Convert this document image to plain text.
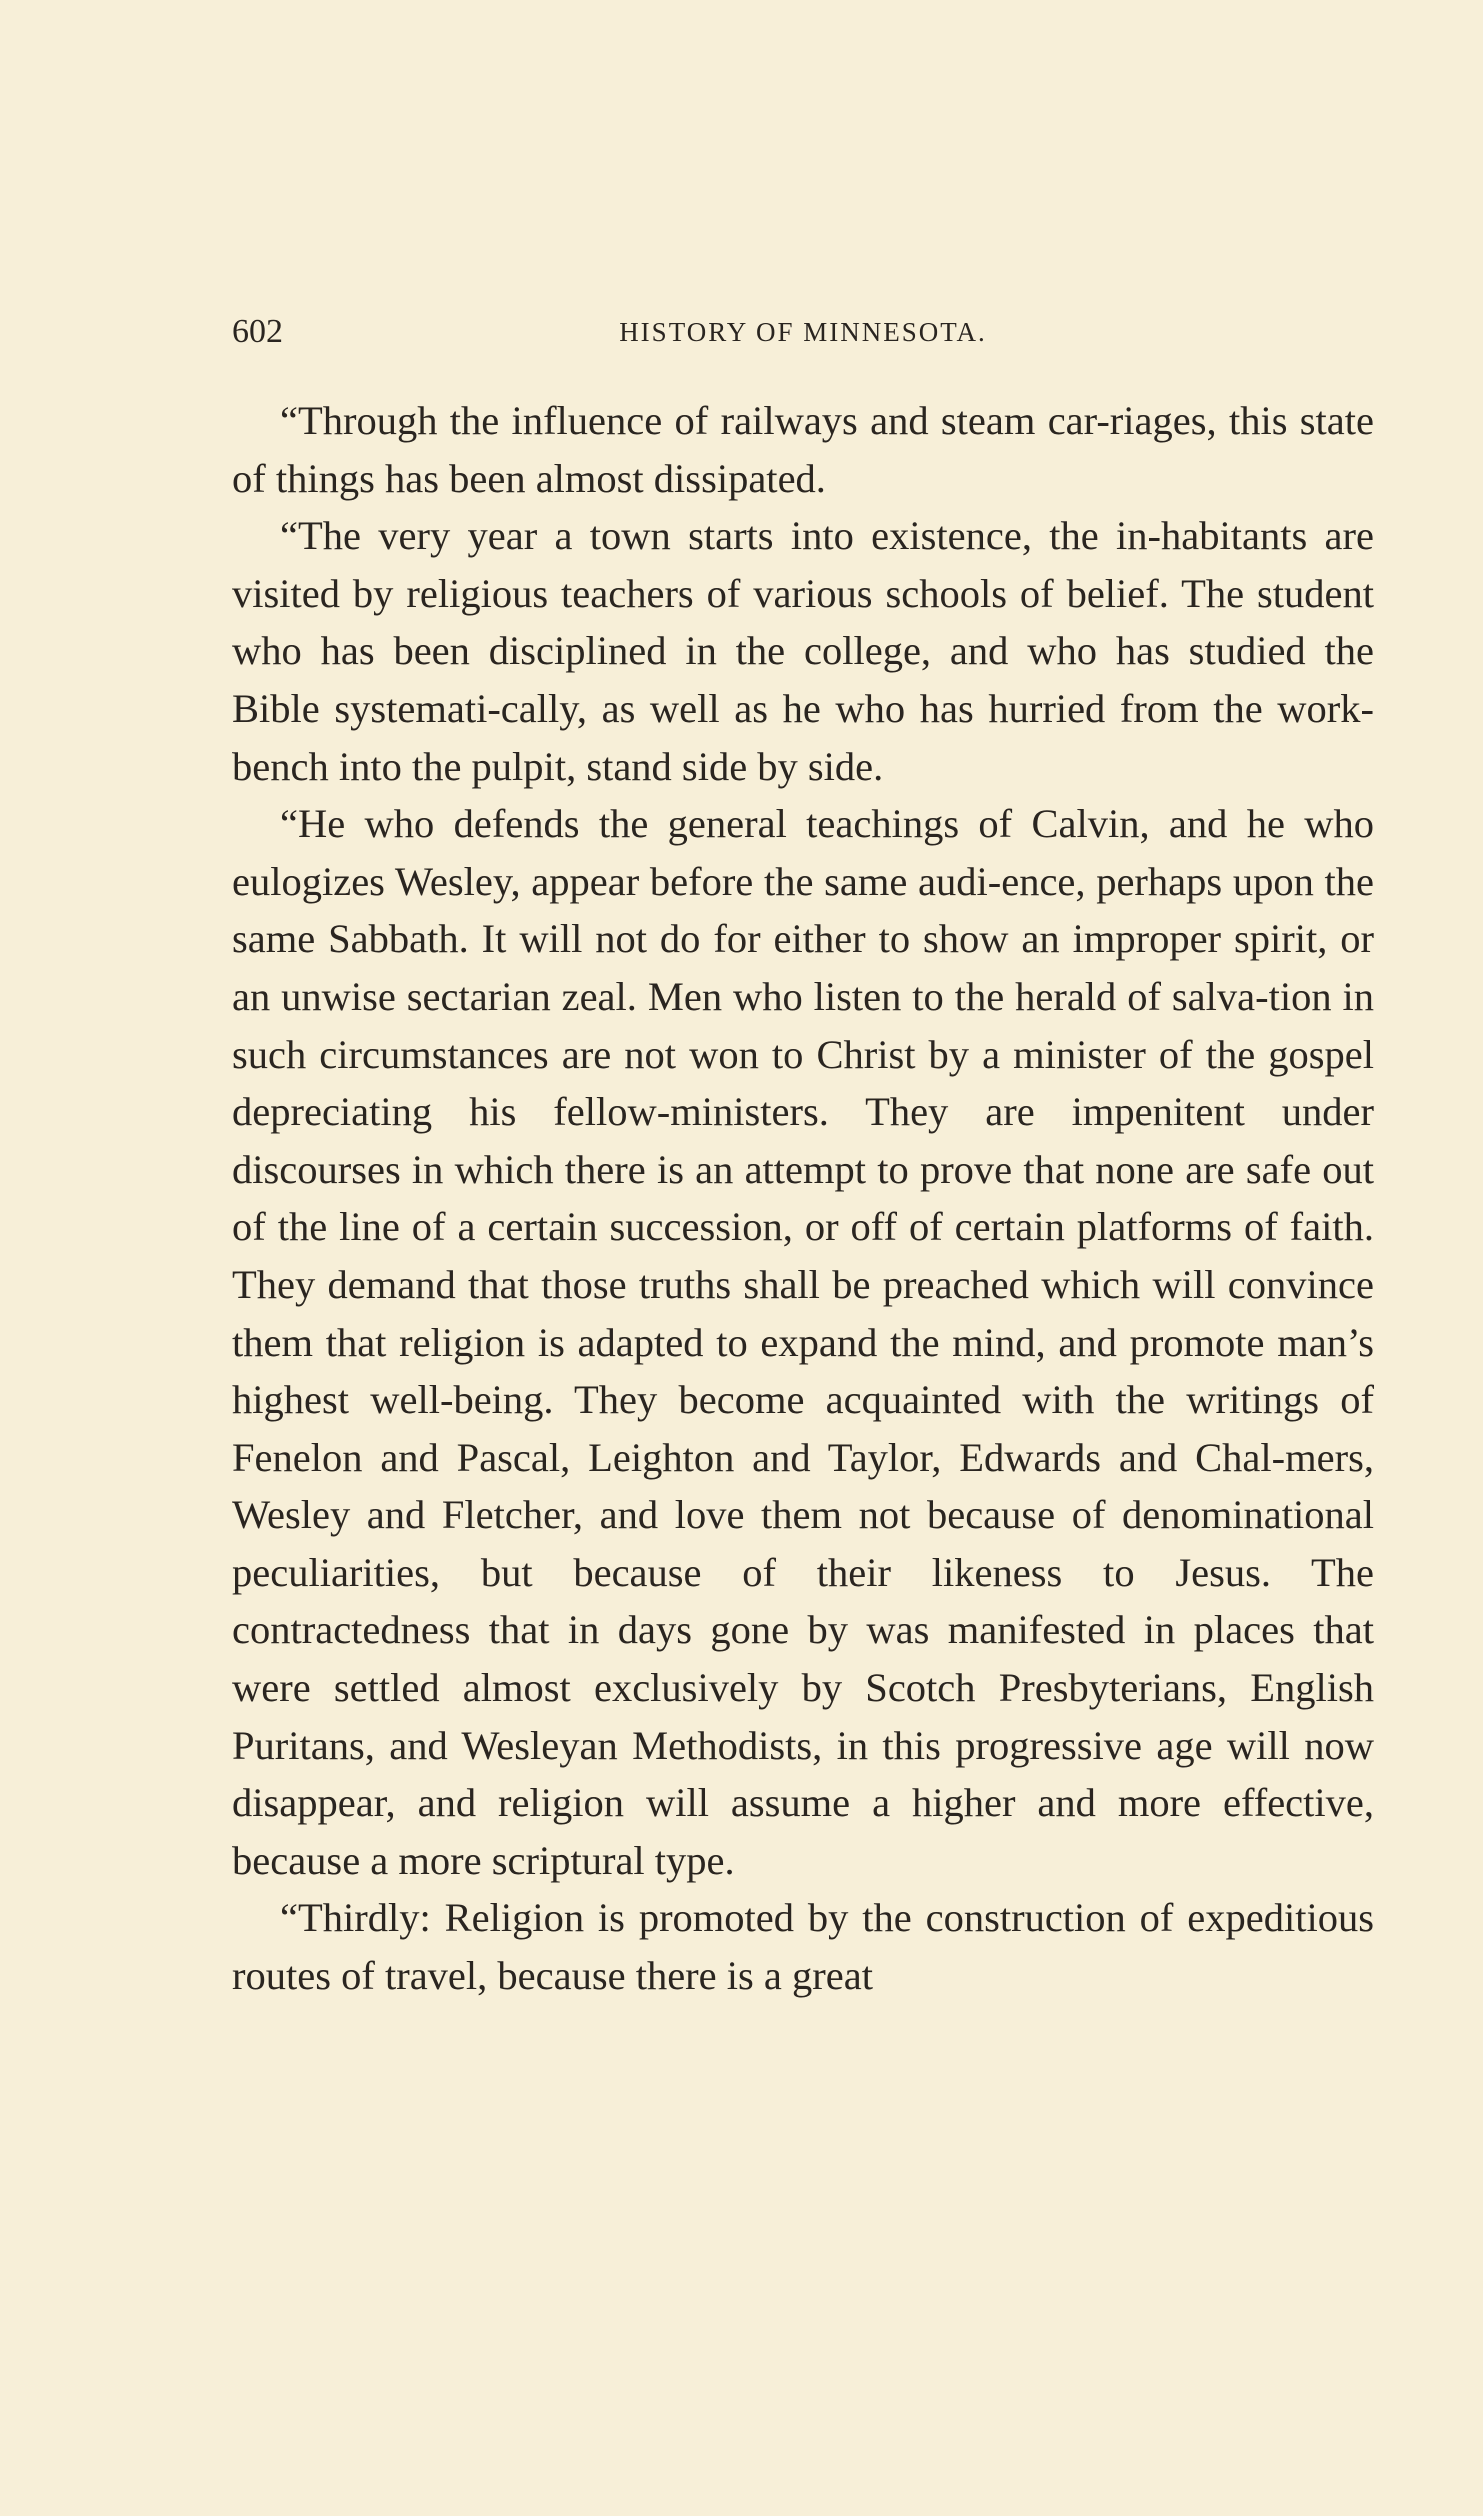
602	HISTORY OF MINNESOTA.

“Through the influence of railways and steam car-riages, this state of things has been almost dissipated.

“The very year a town starts into existence, the in-habitants are visited by religious teachers of various schools of belief. The student who has been disciplined in the college, and who has studied the Bible systemati-cally, as well as he who has hurried from the work-bench into the pulpit, stand side by side.

“He who defends the general teachings of Calvin, and he who eulogizes Wesley, appear before the same audi-ence, perhaps upon the same Sabbath. It will not do for either to show an improper spirit, or an unwise sectarian zeal. Men who listen to the herald of salva-tion in such circumstances are not won to Christ by a minister of the gospel depreciating his fellow-ministers. They are impenitent under discourses in which there is an attempt to prove that none are safe out of the line of a certain succession, or off of certain platforms of faith. They demand that those truths shall be preached which will convince them that religion is adapted to expand the mind, and promote man’s highest well-being. They become acquainted with the writings of Fenelon and Pascal, Leighton and Taylor, Edwards and Chal-mers, Wesley and Fletcher, and love them not because of denominational peculiarities, but because of their likeness to Jesus. The contractedness that in days gone by was manifested in places that were settled almost exclusively by Scotch Presbyterians, English Puritans, and Wesleyan Methodists, in this progressive age will now disappear, and religion will assume a higher and more effective, because a more scriptural type.

“Thirdly: Religion is promoted by the construction of expeditious routes of travel, because there is a great
